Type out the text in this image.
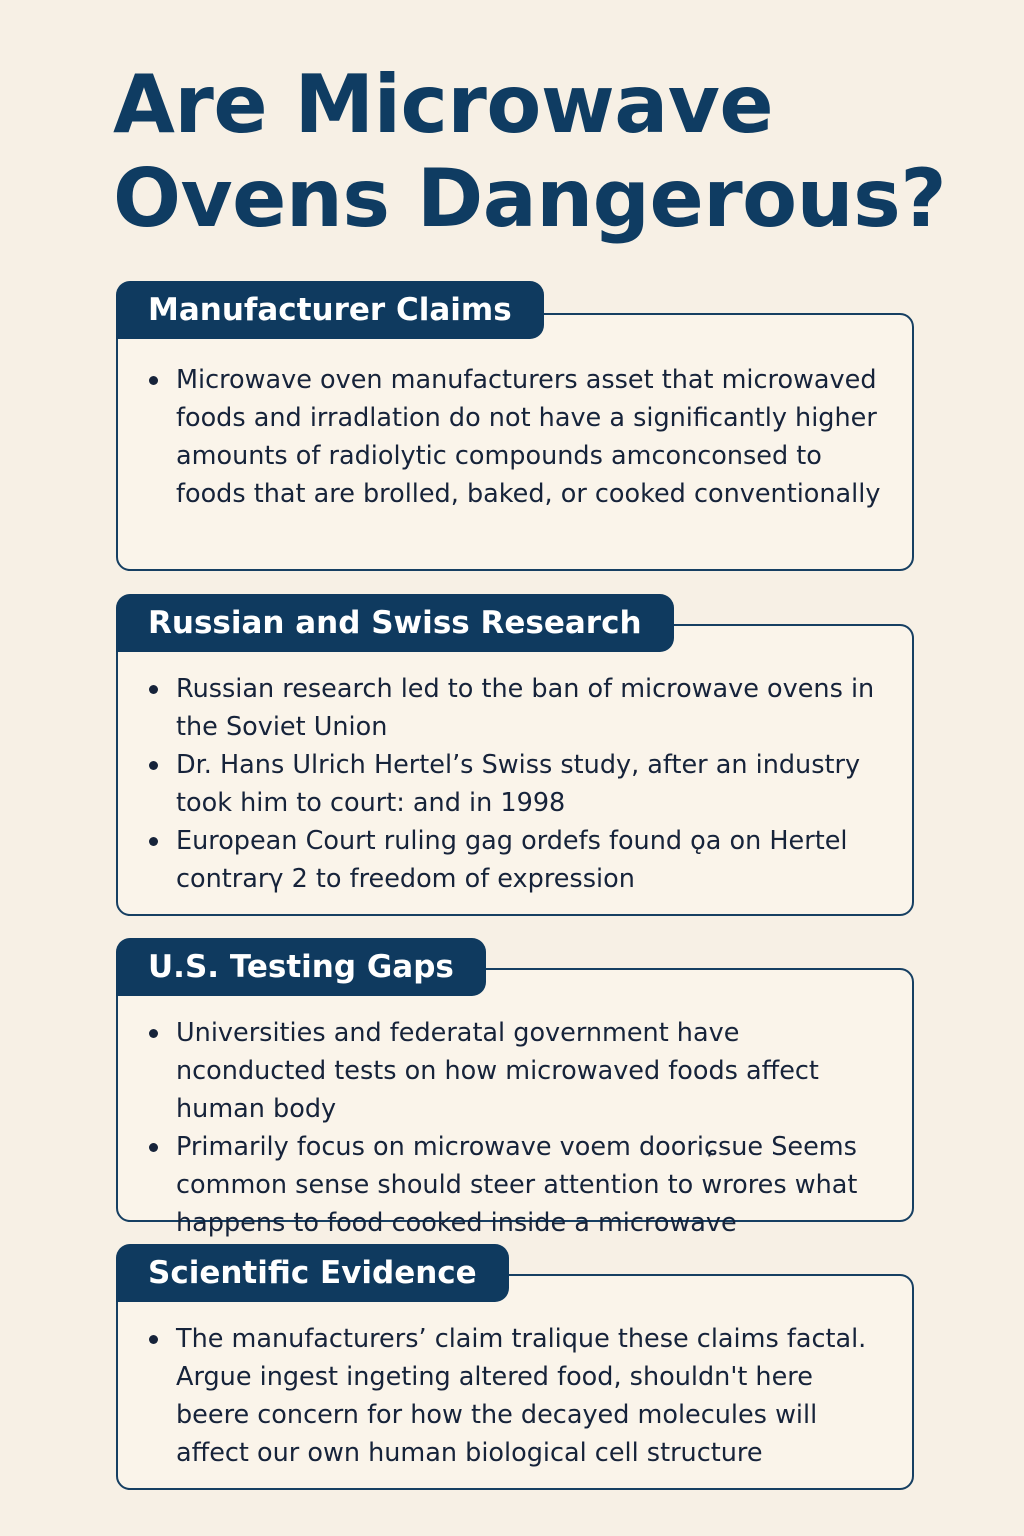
Are Microwave Ovens Dangerous?
Microwave oven manufacturers asset that microwaved foods and irradlation do not have a significantly higher amounts of radiolytic compounds amconconsed to foods that are brolled, baked, or cooked conventionally
Manufacturer Claims
Russian research led to the ban of microwave ovens in the Soviet Union
Dr. Hans Ulrich Hertel’s Swiss study, after an industry took him to court: and in 1998
European Court ruling gag ordefs found ǫa on Hertel contrarγ 2 to freedom of expression
Russian and Swiss Research
Universities and federatal government have nconducted tests on how microwaved foods affect human body
Primarily focus on microwave voem dooriɕsue Seems common sense should steer attention to wrores what happens to food cooked inside a microwave
U.S. Testing Gaps
The manufacturers’ claim tralique these claims factal. Argue ingest ingeting altered food, shouldn't here beere concern for how the decayed molecules will affect our own human biological cell structure
Scientific Evidence
